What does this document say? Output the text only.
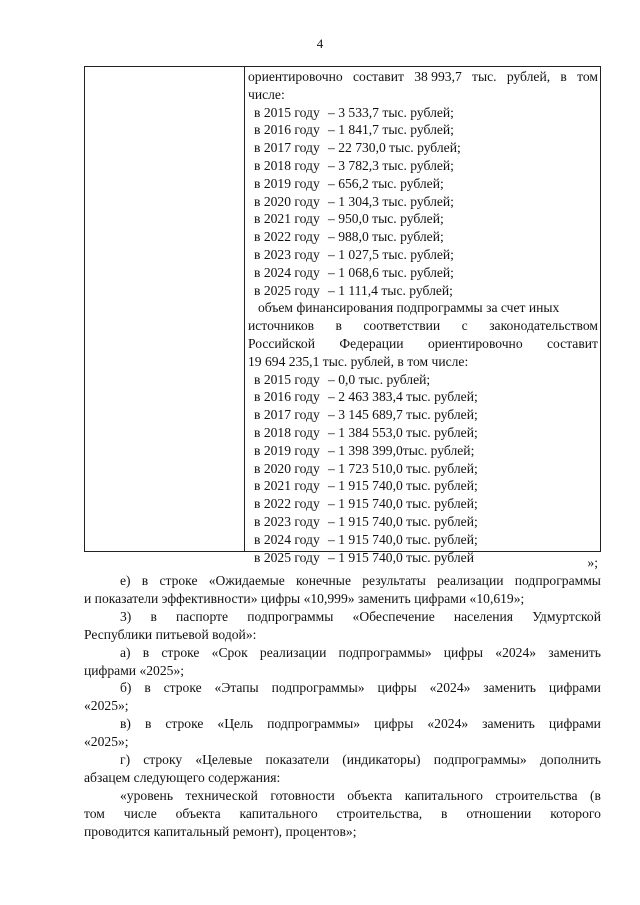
4
ориентировочно составит 38 993,7 тыс. рублей, в том
числе:
в 2015 году – 3 533,7 тыс. рублей;
в 2016 году – 1 841,7 тыс. рублей;
в 2017 году – 22 730,0 тыс. рублей;
в 2018 году – 3 782,3 тыс. рублей;
в 2019 году – 656,2 тыс. рублей;
в 2020 году – 1 304,3 тыс. рублей;
в 2021 году – 950,0 тыс. рублей;
в 2022 году – 988,0 тыс. рублей;
в 2023 году – 1 027,5 тыс. рублей;
в 2024 году – 1 068,6 тыс. рублей;
в 2025 году – 1 111,4 тыс. рублей;
объем финансирования подпрограммы за счет иных
источников в соответствии с законодательством
Российской Федерации ориентировочно составит
19 694 235,1 тыс. рублей, в том числе:
в 2015 году – 0,0 тыс. рублей;
в 2016 году – 2 463 383,4 тыс. рублей;
в 2017 году – 3 145 689,7 тыс. рублей;
в 2018 году – 1 384 553,0 тыс. рублей;
в 2019 году – 1 398 399,0тыс. рублей;
в 2020 году – 1 723 510,0 тыс. рублей;
в 2021 году – 1 915 740,0 тыс. рублей;
в 2022 году – 1 915 740,0 тыс. рублей;
в 2023 году – 1 915 740,0 тыс. рублей;
в 2024 году – 1 915 740,0 тыс. рублей;
в 2025 году – 1 915 740,0 тыс. рублей	»;
е) в строке «Ожидаемые конечные результаты реализации подпрограммы
и показатели эффективности» цифры «10,999» заменить цифрами «10,619»;
3) в паспорте подпрограммы «Обеспечение населения Удмуртской
Республики питьевой водой»:
а) в строке «Срок реализации подпрограммы» цифры «2024» заменить
цифрами «2025»;
б) в строке «Этапы подпрограммы» цифры «2024» заменить цифрами
«2025»;
в) в строке «Цель подпрограммы» цифры «2024» заменить цифрами
«2025»;
г) строку «Целевые показатели (индикаторы) подпрограммы» дополнить
абзацем следующего содержания:
«уровень технической готовности объекта капитального строительства (в
том числе объекта капитального строительства, в отношении которого
проводится капитальный ремонт), процентов»;
